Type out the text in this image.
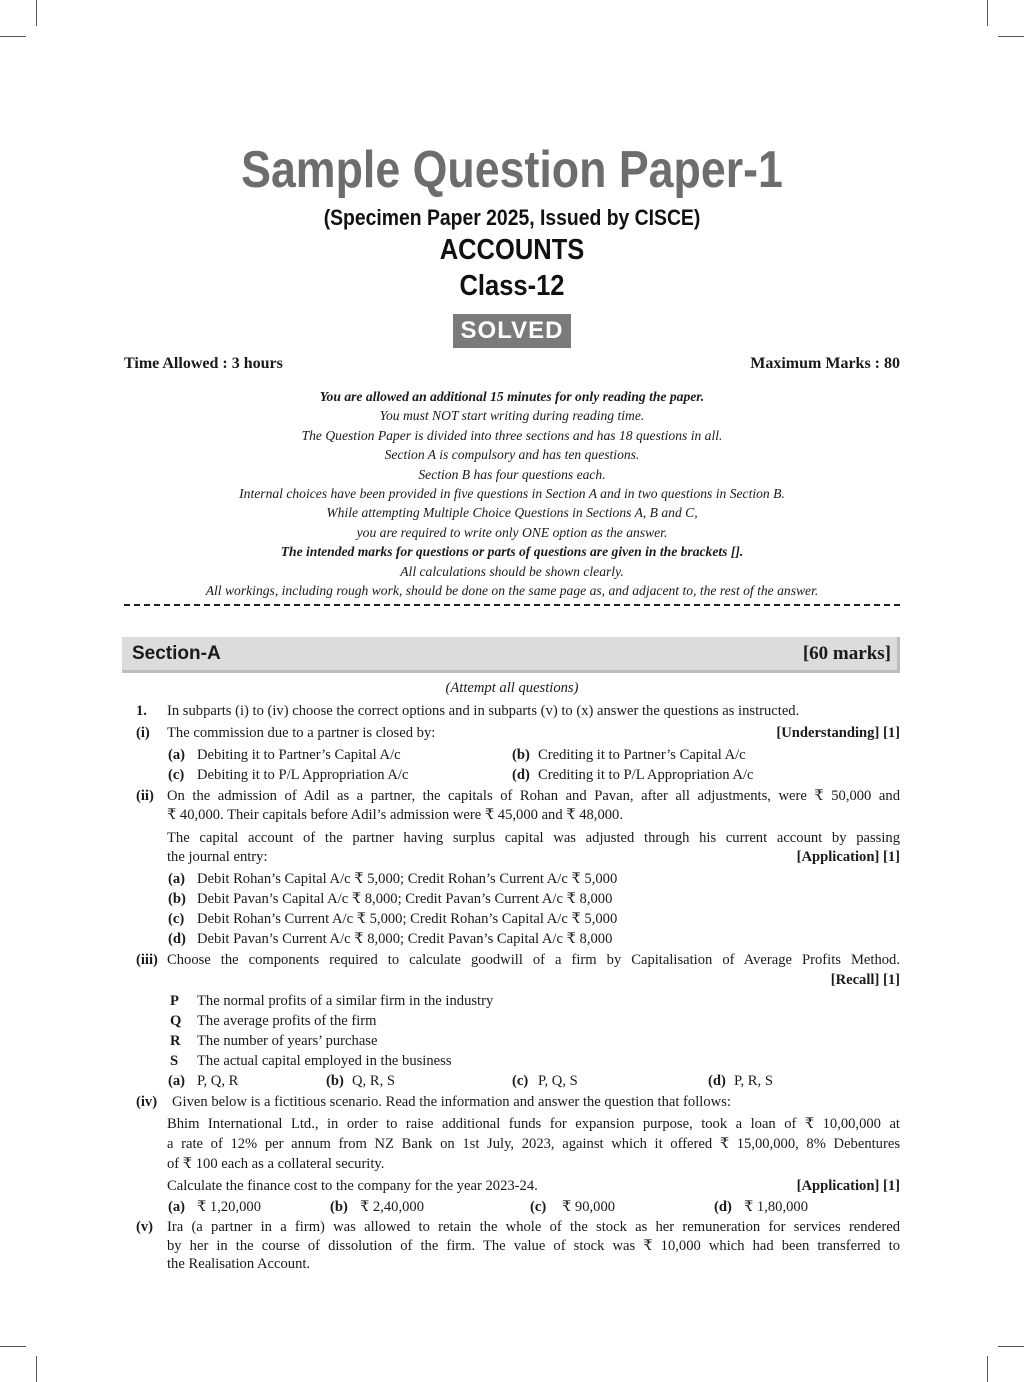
Sample Question Paper-1
(Specimen Paper 2025, Issued by CISCE)
ACCOUNTS
Class-12
SOLVED
Time Allowed : 3 hours	Maximum Marks : 80
You are allowed an additional 15 minutes for only reading the paper.
You must NOT start writing during reading time.
The Question Paper is divided into three sections and has 18 questions in all.
Section A is compulsory and has ten questions.
Section B has four questions each.
Internal choices have been provided in five questions in Section A and in two questions in Section B.
While attempting Multiple Choice Questions in Sections A, B and C,
you are required to write only ONE option as the answer.
The intended marks for questions or parts of questions are given in the brackets [].
All calculations should be shown clearly.
All workings, including rough work, should be done on the same page as, and adjacent to, the rest of the answer.
Section-A	[60 marks]
(Attempt all questions)
1. In subparts (i) to (iv) choose the correct options and in subparts (v) to (x) answer the questions as instructed.
(i) The commission due to a partner is closed by:	[Understanding] [1]
(a) Debiting it to Partner’s Capital A/c	(b) Crediting it to Partner’s Capital A/c
(c) Debiting it to P/L Appropriation A/c	(d) Crediting it to P/L Appropriation A/c
(ii) On the admission of Adil as a partner, the capitals of Rohan and Pavan, after all adjustments, were ₹ 50,000 and
₹ 40,000. Their capitals before Adil’s admission were ₹ 45,000 and ₹ 48,000.
The capital account of the partner having surplus capital was adjusted through his current account by passing
the journal entry:	[Application] [1]
(a) Debit Rohan’s Capital A/c ₹ 5,000; Credit Rohan’s Current A/c ₹ 5,000
(b) Debit Pavan’s Capital A/c ₹ 8,000; Credit Pavan’s Current A/c ₹ 8,000
(c) Debit Rohan’s Current A/c ₹ 5,000; Credit Rohan’s Capital A/c ₹ 5,000
(d) Debit Pavan’s Current A/c ₹ 8,000; Credit Pavan’s Capital A/c ₹ 8,000
(iii) Choose the components required to calculate goodwill of a firm by Capitalisation of Average Profits Method.
[Recall] [1]
P The normal profits of a similar firm in the industry
Q The average profits of the firm
R The number of years’ purchase
S The actual capital employed in the business
(a) P, Q, R	(b) Q, R, S	(c) P, Q, S	(d) P, R, S
(iv) Given below is a fictitious scenario. Read the information and answer the question that follows:
Bhim International Ltd., in order to raise additional funds for expansion purpose, took a loan of ₹ 10,00,000 at
a rate of 12% per annum from NZ Bank on 1st July, 2023, against which it offered ₹ 15,00,000, 8% Debentures
of ₹ 100 each as a collateral security.
Calculate the finance cost to the company for the year 2023-24.	[Application] [1]
(a) ₹ 1,20,000	(b) ₹ 2,40,000	(c) ₹ 90,000	(d) ₹ 1,80,000
(v) Ira (a partner in a firm) was allowed to retain the whole of the stock as her remuneration for services rendered
by her in the course of dissolution of the firm. The value of stock was ₹ 10,000 which had been transferred to
the Realisation Account.
